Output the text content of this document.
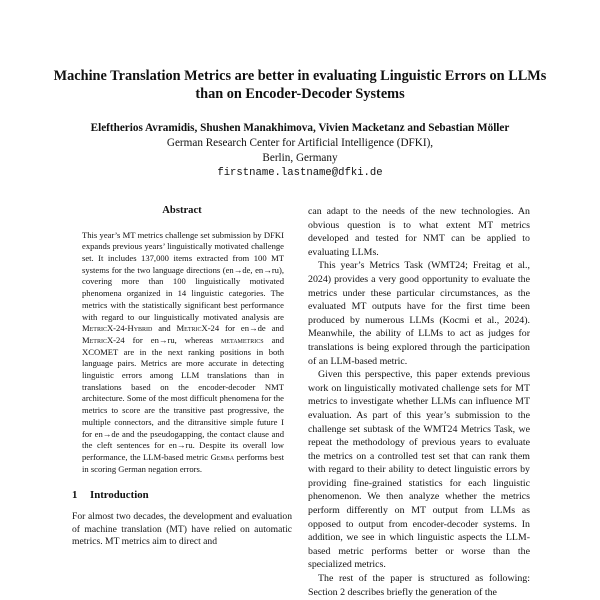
Machine Translation Metrics are better in evaluating Linguistic Errors on LLMs than on Encoder-Decoder Systems
Eleftherios Avramidis, Shushen Manakhimova, Vivien Macketanz and Sebastian Möller
German Research Center for Artificial Intelligence (DFKI),
Berlin, Germany
firstname.lastname@dfki.de
Abstract

This year’s MT metrics challenge set submission by DFKI expands previous years’ linguistically motivated challenge set. It includes 137,000 items extracted from 100 MT systems for the two language directions (en→de, en→ru), covering more than 100 linguistically motivated phenomena organized in 14 linguistic categories. The metrics with the statistically significant best performance with regard to our linguistically motivated analysis are MetricX-24-Hybrid and MetricX-24 for en→de and MetricX-24 for en→ru, whereas metametrics and XCOMET are in the next ranking positions in both language pairs. Metrics are more accurate in detecting linguistic errors among LLM translations than in translations based on the encoder-decoder NMT architecture. Some of the most difficult phenomena for the metrics to score are the transitive past progressive, the multiple connectors, and the ditransitive simple future I for en→de and the pseudogapping, the contact clause and the cleft sentences for en→ru. Despite its overall low performance, the LLM-based metric Gemba performs best in scoring German negation errors.

1 Introduction

For almost two decades, the development and evaluation of machine translation (MT) have relied on automatic metrics. MT metrics aim to direct and

can adapt to the needs of the new technologies. An obvious question is to what extent MT metrics developed and tested for NMT can be applied to evaluating LLMs.

This year’s Metrics Task (WMT24; Freitag et al., 2024) provides a very good opportunity to evaluate the metrics under these particular circumstances, as the evaluated MT outputs have for the first time been produced by numerous LLMs (Kocmi et al., 2024). Meanwhile, the ability of LLMs to act as judges for translations is being explored through the participation of an LLM-based metric.

Given this perspective, this paper extends previous work on linguistically motivated challenge sets for MT metrics to investigate whether LLMs can influence MT evaluation. As part of this year’s submission to the challenge set subtask of the WMT24 Metrics Task, we repeat the methodology of previous years to evaluate the metrics on a controlled test set that can rank them with regard to their ability to detect linguistic errors by providing fine-grained statistics for each linguistic phenomenon. We then analyze whether the metrics perform differently on MT output from LLMs as opposed to output from encoder-decoder systems. In addition, we see in which linguistic aspects the LLM-based metric performs better or worse than the specialized metrics.

The rest of the paper is structured as following: Section 2 describes briefly the generation of the
